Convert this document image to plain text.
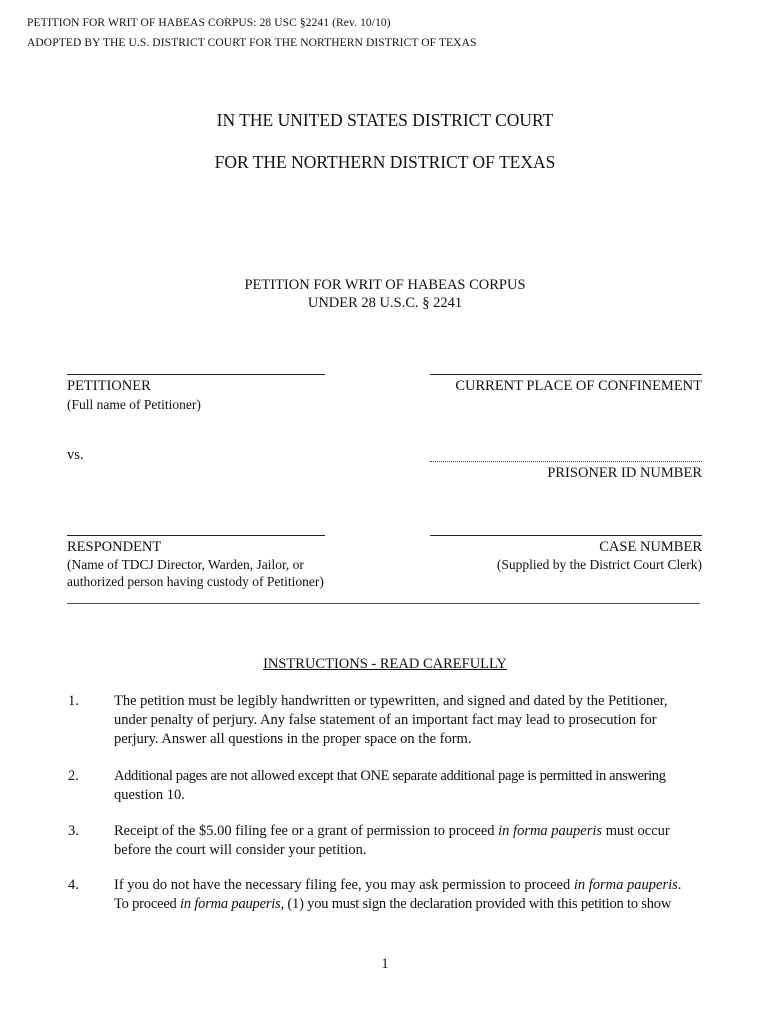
PETITION FOR WRIT OF HABEAS CORPUS: 28 USC §2241 (Rev. 10/10)
ADOPTED BY THE U.S. DISTRICT COURT FOR THE NORTHERN DISTRICT OF TEXAS
IN THE UNITED STATES DISTRICT COURT
FOR THE NORTHERN DISTRICT OF TEXAS
PETITION FOR WRIT OF HABEAS CORPUS
UNDER 28 U.S.C. § 2241
PETITIONER
(Full name of Petitioner)
CURRENT PLACE OF CONFINEMENT
vs.
PRISONER ID NUMBER
RESPONDENT
(Name of TDCJ Director, Warden, Jailor, or
authorized person having custody of Petitioner)
CASE NUMBER
(Supplied by the District Court Clerk)
INSTRUCTIONS - READ CAREFULLY
1. The petition must be legibly handwritten or typewritten, and signed and dated by the Petitioner,
under penalty of perjury. Any false statement of an important fact may lead to prosecution for
perjury. Answer all questions in the proper space on the form.
2. Additional pages are not allowed except that ONE separate additional page is permitted in answering
question 10.
3. Receipt of the $5.00 filing fee or a grant of permission to proceed in forma pauperis must occur
before the court will consider your petition.
4. If you do not have the necessary filing fee, you may ask permission to proceed in forma pauperis.
To proceed in forma pauperis, (1) you must sign the declaration provided with this petition to show
1
